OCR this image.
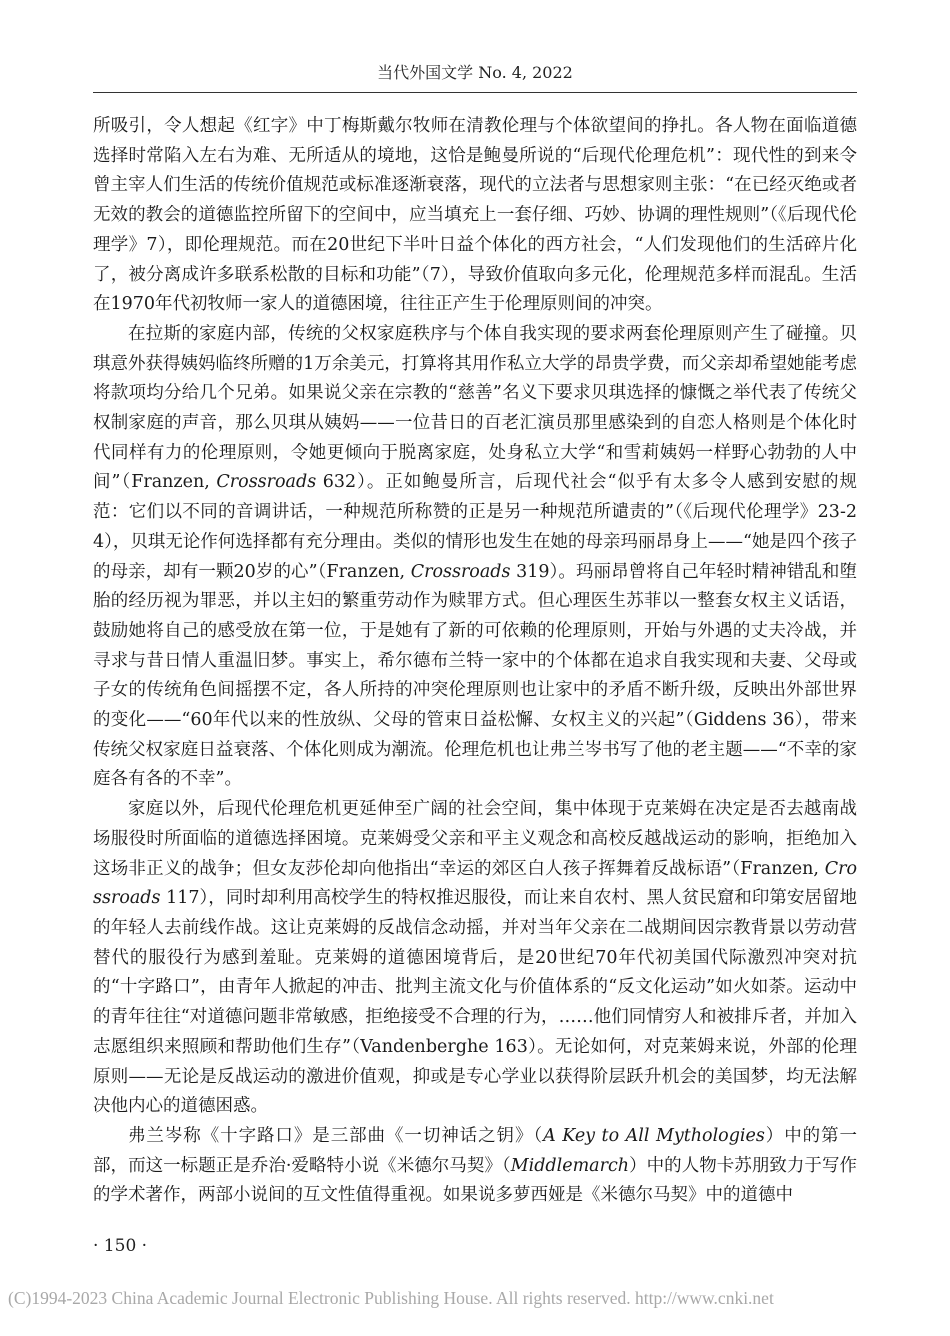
当代外国文学 No. 4, 2022

所吸引，令人想起《红字》中丁梅斯戴尔牧师在清教伦理与个体欲望间的挣扎。各人物在面临道德选择时常陷入左右为难、无所适从的境地，这恰是鲍曼所说的“后现代伦理危机”：现代性的到来令曾主宰人们生活的传统价值规范或标准逐渐衰落，现代的立法者与思想家则主张：“在已经灭绝或者无效的教会的道德监控所留下的空间中，应当填充上一套仔细、巧妙、协调的理性规则”（《后现代伦理学》7），即伦理规范。而在20世纪下半叶日益个体化的西方社会，“人们发现他们的生活碎片化了，被分离成许多联系松散的目标和功能”（7），导致价值取向多元化，伦理规范多样而混乱。生活在1970年代初牧师一家人的道德困境，往往正产生于伦理原则间的冲突。

在拉斯的家庭内部，传统的父权家庭秩序与个体自我实现的要求两套伦理原则产生了碰撞。贝琪意外获得姨妈临终所赠的1万余美元，打算将其用作私立大学的昂贵学费，而父亲却希望她能考虑将款项均分给几个兄弟。如果说父亲在宗教的“慈善”名义下要求贝琪选择的慷慨之举代表了传统父权制家庭的声音，那么贝琪从姨妈——一位昔日的百老汇演员那里感染到的自恋人格则是个体化时代同样有力的伦理原则，令她更倾向于脱离家庭，处身私立大学“和雪莉姨妈一样野心勃勃的人中间”（Franzen, Crossroads 632）。正如鲍曼所言，后现代社会“似乎有太多令人感到安慰的规范：它们以不同的音调讲话，一种规范所称赞的正是另一种规范所谴责的”（《后现代伦理学》23-24），贝琪无论作何选择都有充分理由。类似的情形也发生在她的母亲玛丽昂身上——“她是四个孩子的母亲，却有一颗20岁的心”（Franzen, Crossroads 319）。玛丽昂曾将自己年轻时精神错乱和堕胎的经历视为罪恶，并以主妇的繁重劳动作为赎罪方式。但心理医生苏菲以一整套女权主义话语，鼓励她将自己的感受放在第一位，于是她有了新的可依赖的伦理原则，开始与外遇的丈夫冷战，并寻求与昔日情人重温旧梦。事实上，希尔德布兰特一家中的个体都在追求自我实现和夫妻、父母或子女的传统角色间摇摆不定，各人所持的冲突伦理原则也让家中的矛盾不断升级，反映出外部世界的变化——“60年代以来的性放纵、父母的管束日益松懈、女权主义的兴起”（Giddens 36），带来传统父权家庭日益衰落、个体化则成为潮流。伦理危机也让弗兰岑书写了他的老主题——“不幸的家庭各有各的不幸”。

家庭以外，后现代伦理危机更延伸至广阔的社会空间，集中体现于克莱姆在决定是否去越南战场服役时所面临的道德选择困境。克莱姆受父亲和平主义观念和高校反越战运动的影响，拒绝加入这场非正义的战争；但女友莎伦却向他指出“幸运的郊区白人孩子挥舞着反战标语”（Franzen, Crossroads 117），同时却利用高校学生的特权推迟服役，而让来自农村、黑人贫民窟和印第安居留地的年轻人去前线作战。这让克莱姆的反战信念动摇，并对当年父亲在二战期间因宗教背景以劳动营替代的服役行为感到羞耻。克莱姆的道德困境背后，是20世纪70年代初美国代际激烈冲突对抗的“十字路口”，由青年人掀起的冲击、批判主流文化与价值体系的“反文化运动”如火如荼。运动中的青年往往“对道德问题非常敏感，拒绝接受不合理的行为，……他们同情穷人和被排斥者，并加入志愿组织来照顾和帮助他们生存”（Vandenberghe 163）。无论如何，对克莱姆来说，外部的伦理原则——无论是反战运动的激进价值观，抑或是专心学业以获得阶层跃升机会的美国梦，均无法解决他内心的道德困惑。

弗兰岑称《十字路口》是三部曲《一切神话之钥》（A Key to All Mythologies）中的第一部，而这一标题正是乔治·爱略特小说《米德尔马契》（Middlemarch）中的人物卡苏朋致力于写作的学术著作，两部小说间的互文性值得重视。如果说多萝西娅是《米德尔马契》中的道德中

· 150 ·
(C)1994-2023 China Academic Journal Electronic Publishing House. All rights reserved. http://www.cnki.net
